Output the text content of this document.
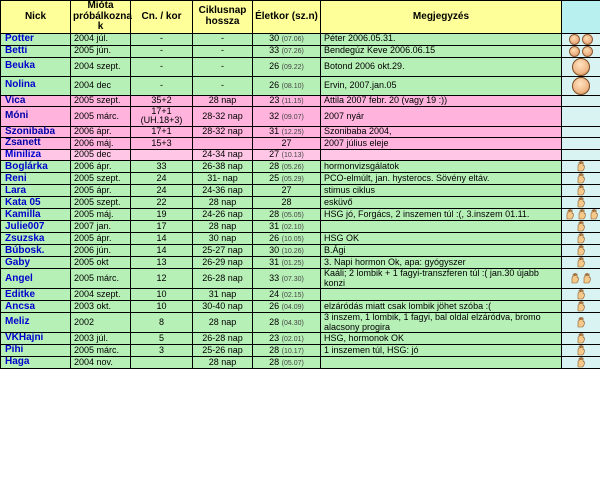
Nick	Mióta próbálkozna k	Cn. / kor	Ciklusnap hossza	Életkor (sz.n)	Megjegyzés	
Potter	2004 júl.	-	-	30 (07.06)	Péter 2006.05.31.	
Betti	2005 jún.	-	-	33 (07.26)	Bendegúz Keve 2006.06.15	
Beuka	2004 szept.	-	-	26 (09.22)	Botond 2006 okt.29.	
Nolina	2004 dec	-	-	26 (08.10)	Ervin, 2007.jan.05	
Vica	2005 szept.	35+2	28 nap	23 (11.15)	Attila 2007 febr. 20 (vagy 19 :))	
Móni	2005 márc.	17+1 (UH.18+3)	28-32 nap	32 (09.07)	2007 nyár	
Szonibaba	2006 ápr.	17+1	28-32 nap	31 (12.25)	Szonibaba 2004,	
Zsanett	2006 máj.	15+3		27	2007 július eleje	
Miniliza	2005 dec		24-34 nap	27 (10.13)		
Boglárka	2006 ápr.	33	26-38 nap	28 (05.26)	hormonvizsgálatok	
Reni	2005 szept.	24	31- nap	25 (05.29)	PCO-elmúlt, jan. hysterocs. Sövény eltáv.	
Lara	2005 ápr.	24	24-36 nap	27	stimus ciklus	
Kata 05	2005 szept.	22	28 nap	28	esküvő	
Kamilla	2005 máj.	19	24-26 nap	28 (05.05)	HSG jó, Forgács, 2 inszemen túl :(, 3.inszem 01.11.	
Julie007	2007 jan.	17	28 nap	31 (02.10)		
Zsuzska	2005 ápr.	14	30 nap	26 (10.05)	HSG OK	
Búbosk.	2006 jún.	14	25-27 nap	30 (10.26)	B.Ági	
Gaby	2005 okt	13	26-29 nap	31 (01.25)	3. Napi hormon Ok, apa: gyógyszer	
Angel	2005 márc.	12	26-28 nap	33 (07.30)	Kaáli; 2 lombik + 1 fagyi-transzferen túl :( jan.30 újabb konzi	
Editke	2004 szept.	10	31 nap	24 (02.15)		
Ancsa	2003 okt.	10	30-40 nap	26 (04.09)	elzáródás miatt csak lombik jöhet szóba :(	
Meliz	2002	8	28 nap	28 (04.30)	3 inszem, 1 lombik, 1 fagyi, bal oldal elzáródva, bromo alacsony progira	
VKHajni	2003 júl.	5	26-28 nap	23 (02.01)	HSG, hormonok OK	
Pihi	2005 márc.	3	25-26 nap	28 (10.17)	1 inszemen túl, HSG: jó	
Haga	2004 nov.		28 nap	28 (05.07)		
